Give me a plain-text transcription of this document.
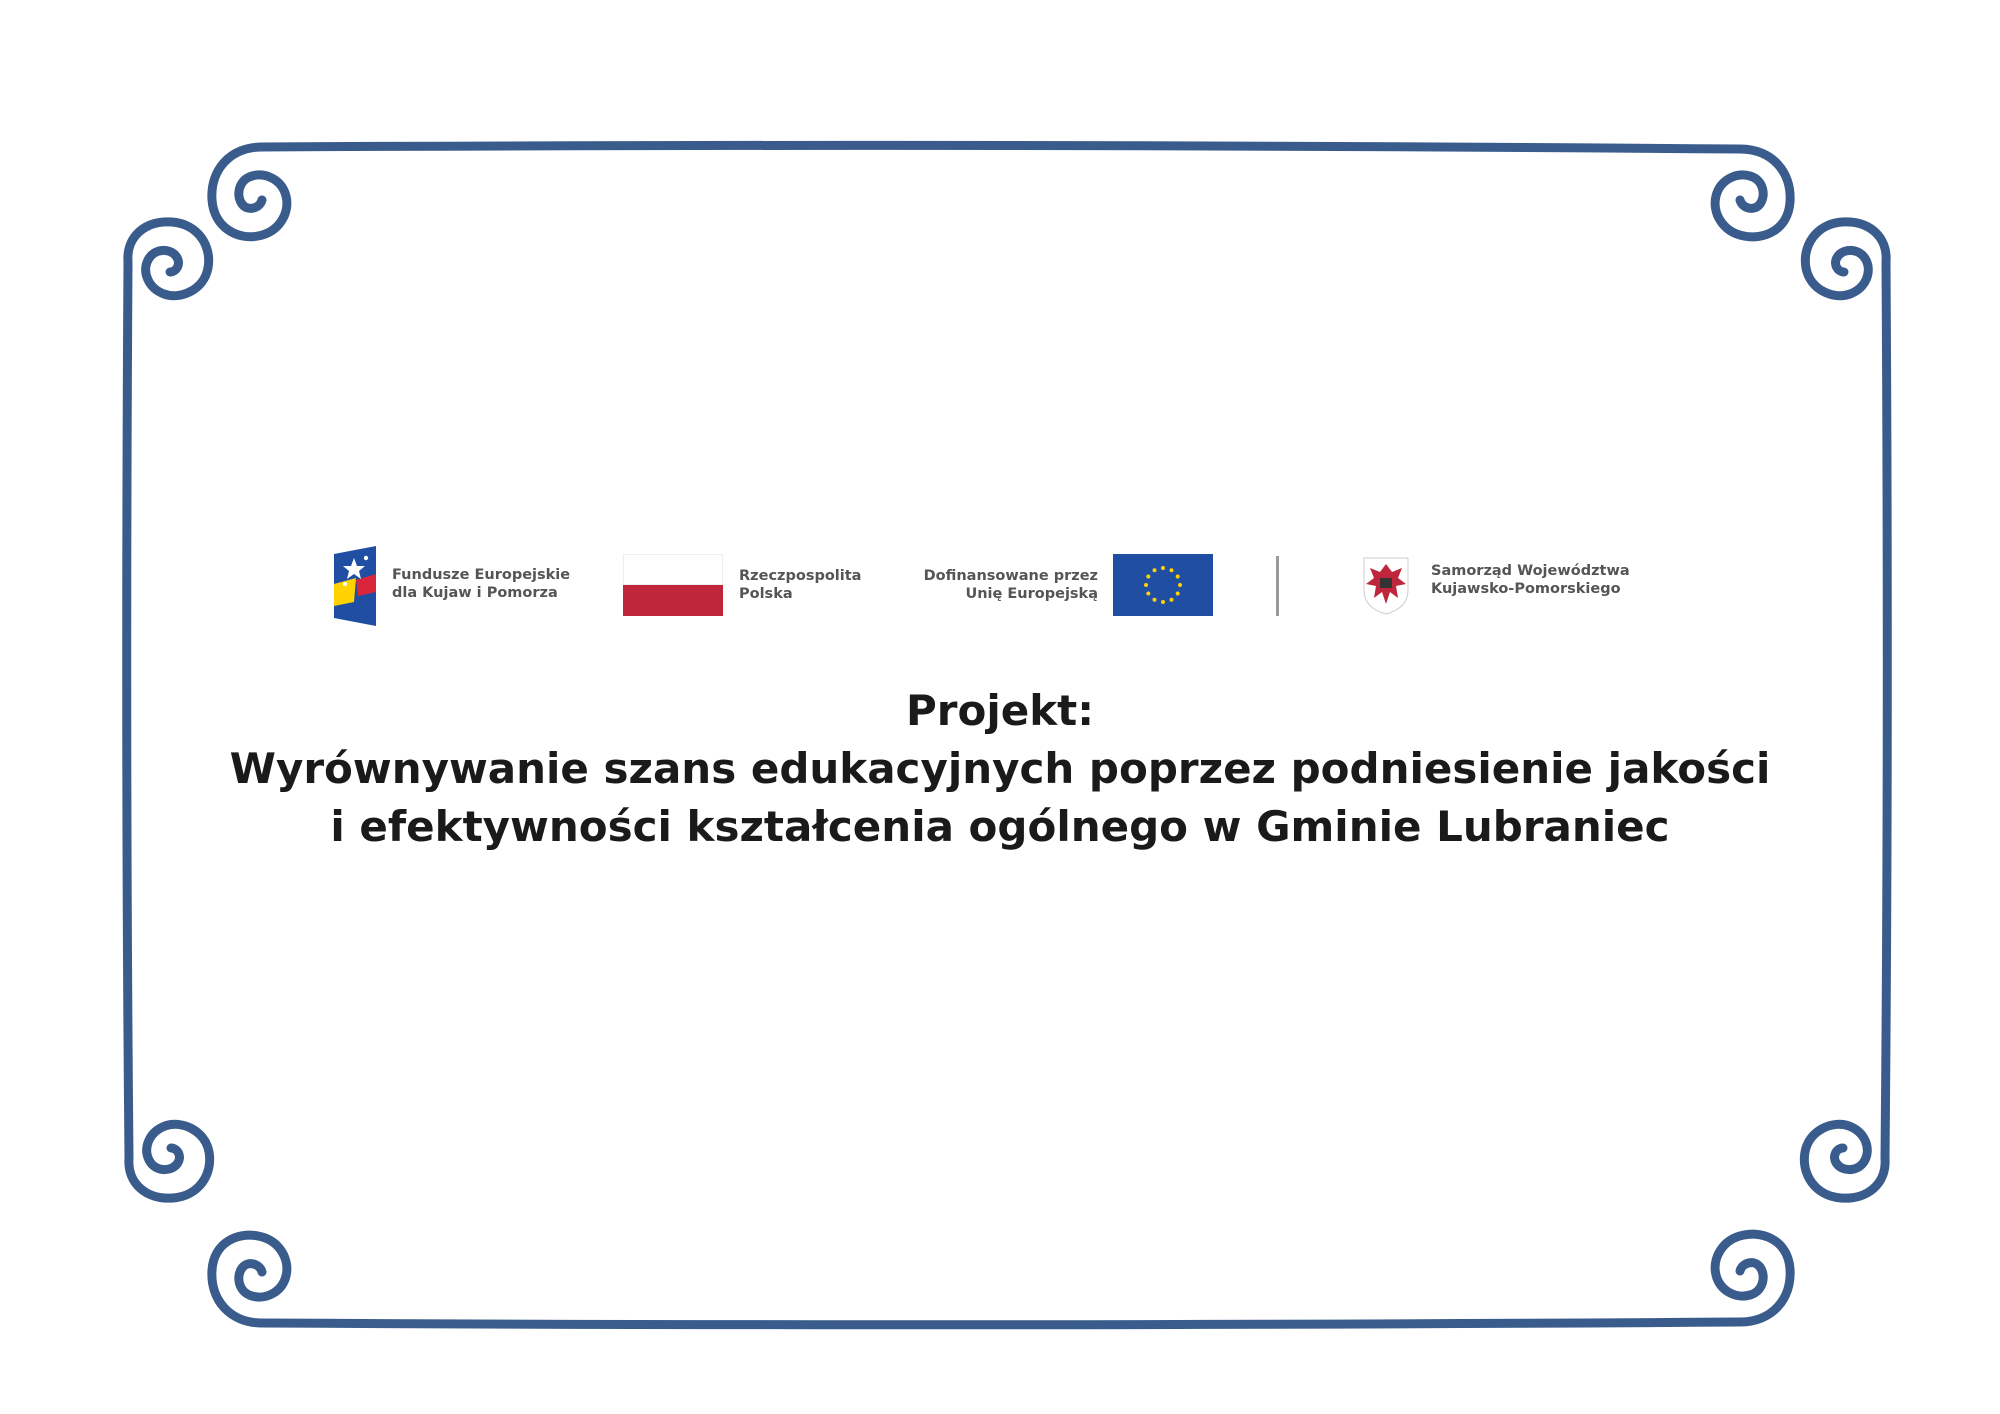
Fundusze Europejskie
dla Kujaw i Pomorza
Rzeczpospolita
Polska
Dofinansowane przez
Unię Europejską
Samorząd Województwa
Kujawsko-Pomorskiego
Projekt:
Wyrównywanie szans edukacyjnych poprzez podniesienie jakości
i efektywności kształcenia ogólnego w Gminie Lubraniec
